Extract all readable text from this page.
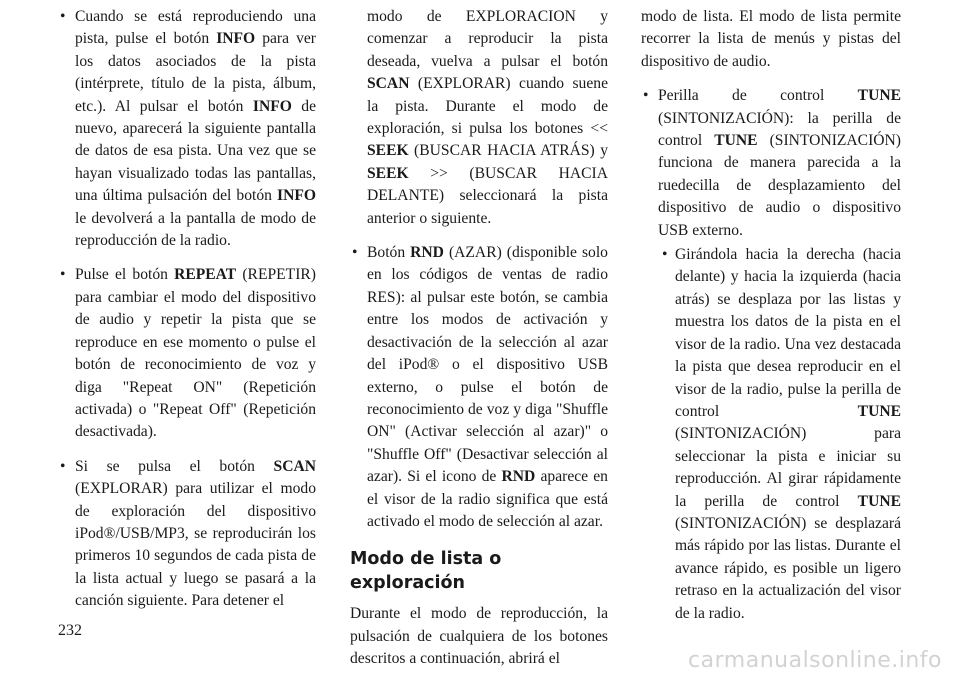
• Cuando se está reproduciendo una pista, pulse el botón INFO para ver los datos asociados de la pista (intérprete, título de la pista, álbum, etc.). Al pulsar el botón INFO de nuevo, aparecerá la siguiente pantalla de datos de esa pista. Una vez que se hayan visualizado todas las pantallas, una última pulsación del botón INFO le devolverá a la pantalla de modo de reproducción de la radio.

• Pulse el botón REPEAT (REPETIR) para cambiar el modo del dispositivo de audio y repetir la pista que se reproduce en ese momento o pulse el botón de reconocimiento de voz y diga "Repeat ON" (Repetición activada) o "Repeat Off" (Repetición desactivada).

• Si se pulsa el botón SCAN (EXPLORAR) para utilizar el modo de exploración del dispositivo iPod®/USB/MP3, se reproducirán los primeros 10 segundos de cada pista de la lista actual y luego se pasará a la canción siguiente. Para detener el

modo de EXPLORACION y comenzar a reproducir la pista deseada, vuelva a pulsar el botón SCAN (EXPLORAR) cuando suene la pista. Durante el modo de exploración, si pulsa los botones << SEEK (BUSCAR HACIA ATRÁS) y SEEK >> (BUSCAR HACIA DELANTE) seleccionará la pista anterior o siguiente.

• Botón RND (AZAR) (disponible solo en los códigos de ventas de radio RES): al pulsar este botón, se cambia entre los modos de activación y desactivación de la selección al azar del iPod® o el dispositivo USB externo, o pulse el botón de reconocimiento de voz y diga "Shuffle ON" (Activar selección al azar)" o "Shuffle Off" (Desactivar selección al azar). Si el icono de RND aparece en el visor de la radio significa que está activado el modo de selección al azar.

Modo de lista o exploración

Durante el modo de reproducción, la pulsación de cualquiera de los botones descritos a continuación, abrirá el

modo de lista. El modo de lista permite recorrer la lista de menús y pistas del dispositivo de audio.

• Perilla de control TUNE (SINTONIZACIÓN): la perilla de control TUNE (SINTONIZACIÓN) funciona de manera parecida a la ruedecilla de desplazamiento del dispositivo de audio o dispositivo USB externo.

• Girándola hacia la derecha (hacia delante) y hacia la izquierda (hacia atrás) se desplaza por las listas y muestra los datos de la pista en el visor de la radio. Una vez destacada la pista que desea reproducir en el visor de la radio, pulse la perilla de control TUNE (SINTONIZACIÓN) para seleccionar la pista e iniciar su reproducción. Al girar rápidamente la perilla de control TUNE (SINTONIZACIÓN) se desplazará más rápido por las listas. Durante el avance rápido, es posible un ligero retraso en la actualización del visor de la radio.

232
carmanualsonline.info
